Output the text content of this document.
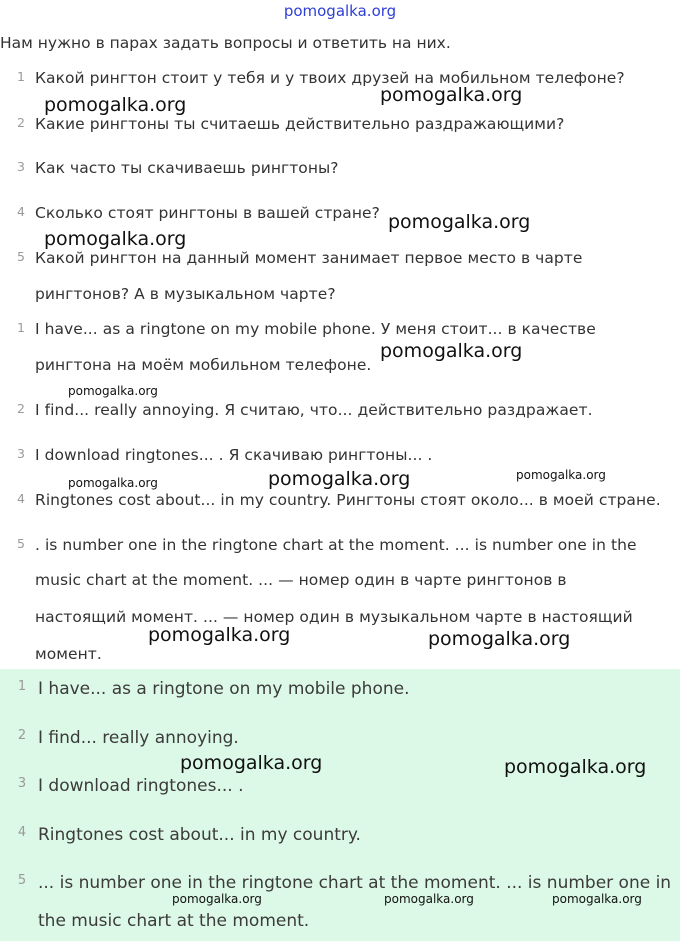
pomogalka.org
Нам нужно в парах задать вопросы и ответить на них.
1 Какой рингтон стоит у тебя и у твоих друзей на мобильном телефоне?
2 Какие рингтоны ты считаешь действительно раздражающими?
3 Как часто ты скачиваешь рингтоны?
4 Сколько стоят рингтоны в вашей стране?
5 Какой рингтон на данный момент занимает первое место в чарте
рингтонов? А в музыкальном чарте?
1 I have... as a ringtone on my mobile phone. У меня стоит... в качестве
рингтона на моём мобильном телефоне.
2 I find... really annoying. Я считаю, что... действительно раздражает.
3 I download ringtones... . Я скачиваю рингтоны... .
4 Ringtones cost about... in my country. Рингтоны стоят около... в моей стране.
5 . is number one in the ringtone chart at the moment. ... is number one in the
music chart at the moment. ... — номер один в чарте рингтонов в
настоящий момент. ... — номер один в музыкальном чарте в настоящий
момент.
1 I have... as a ringtone on my mobile phone.
2 I find... really annoying.
3 I download ringtones... .
4 Ringtones cost about... in my country.
5 ... is number one in the ringtone chart at the moment. ... is number one in
the music chart at the moment.
pomogalka.org	pomogalka.org
pomogalka.org
pomogalka.org
pomogalka.org
pomogalka.org
pomogalka.org	pomogalka.org	pomogalka.org
pomogalka.org	pomogalka.org
pomogalka.org	pomogalka.org
pomogalka.org	pomogalka.org	pomogalka.org
